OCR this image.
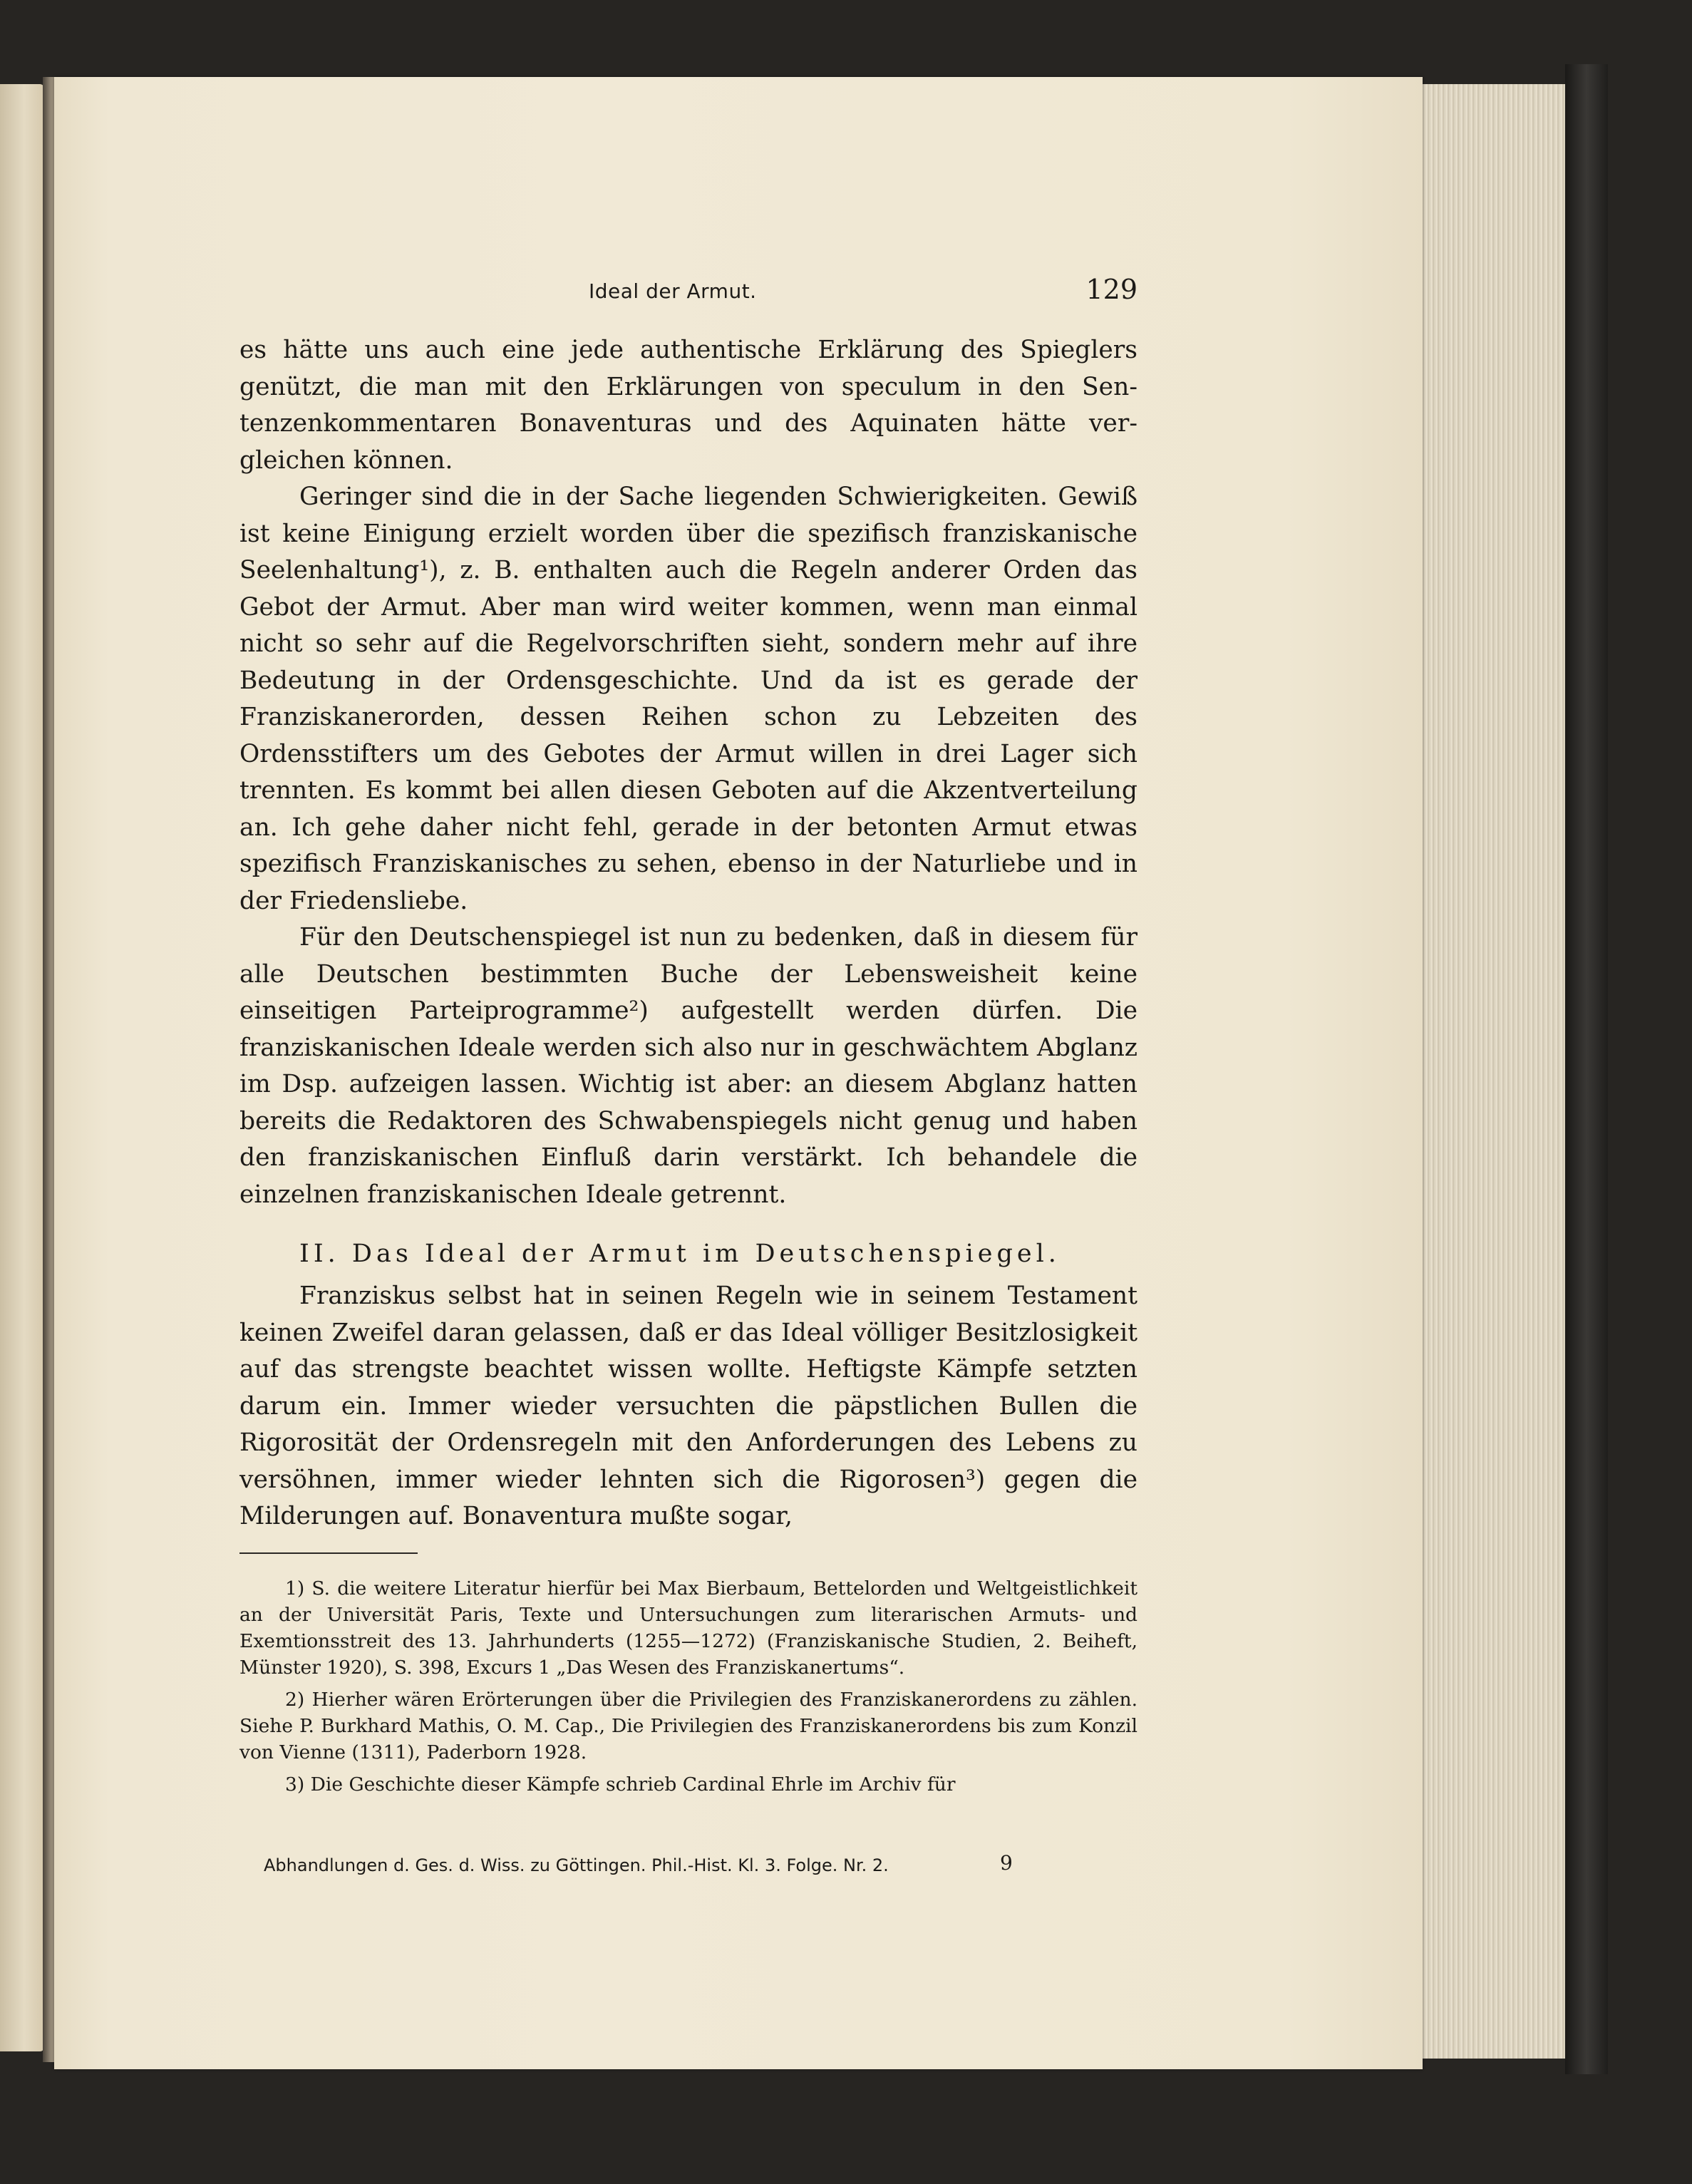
Ideal der Armut.	129

es hätte uns auch eine jede authentische Erklärung des Spieglers genützt, die man mit den Erklärungen von speculum in den Sentenzenkommentaren Bonaventuras und des Aquinaten hätte vergleichen können.

Geringer sind die in der Sache liegenden Schwierigkeiten. Gewiß ist keine Einigung erzielt worden über die spezifisch franziskanische Seelenhaltung¹), z. B. enthalten auch die Regeln anderer Orden das Gebot der Armut. Aber man wird weiter kommen, wenn man einmal nicht so sehr auf die Regelvorschriften sieht, sondern mehr auf ihre Bedeutung in der Ordensgeschichte. Und da ist es gerade der Franziskanerorden, dessen Reihen schon zu Lebzeiten des Ordensstifters um des Gebotes der Armut willen in drei Lager sich trennten. Es kommt bei allen diesen Geboten auf die Akzentverteilung an. Ich gehe daher nicht fehl, gerade in der betonten Armut etwas spezifisch Franziskanisches zu sehen, ebenso in der Naturliebe und in der Friedensliebe.

Für den Deutschenspiegel ist nun zu bedenken, daß in diesem für alle Deutschen bestimmten Buche der Lebensweisheit keine einseitigen Parteiprogramme²) aufgestellt werden dürfen. Die franziskanischen Ideale werden sich also nur in geschwächtem Abglanz im Dsp. aufzeigen lassen. Wichtig ist aber: an diesem Abglanz hatten bereits die Redaktoren des Schwabenspiegels nicht genug und haben den franziskanischen Einfluß darin verstärkt. Ich behandele die einzelnen franziskanischen Ideale getrennt.

II. Das Ideal der Armut im Deutschenspiegel.

Franziskus selbst hat in seinen Regeln wie in seinem Testament keinen Zweifel daran gelassen, daß er das Ideal völliger Besitzlosigkeit auf das strengste beachtet wissen wollte. Heftigste Kämpfe setzten darum ein. Immer wieder versuchten die päpstlichen Bullen die Rigorosität der Ordensregeln mit den Anforderungen des Lebens zu versöhnen, immer wieder lehnten sich die Rigorosen³) gegen die Milderungen auf. Bonaventura mußte sogar,

1) S. die weitere Literatur hierfür bei Max Bierbaum, Bettelorden und Weltgeistlichkeit an der Universität Paris, Texte und Untersuchungen zum literarischen Armuts- und Exemtionsstreit des 13. Jahrhunderts (1255—1272) (Franziskanische Studien, 2. Beiheft, Münster 1920), S. 398, Excurs 1 „Das Wesen des Franziskanertums“.

2) Hierher wären Erörterungen über die Privilegien des Franziskanerordens zu zählen. Siehe P. Burkhard Mathis, O. M. Cap., Die Privilegien des Franziskanerordens bis zum Konzil von Vienne (1311), Paderborn 1928.

3) Die Geschichte dieser Kämpfe schrieb Cardinal Ehrle im Archiv für

Abhandlungen d. Ges. d. Wiss. zu Göttingen. Phil.-Hist. Kl. 3. Folge. Nr. 2.	9
